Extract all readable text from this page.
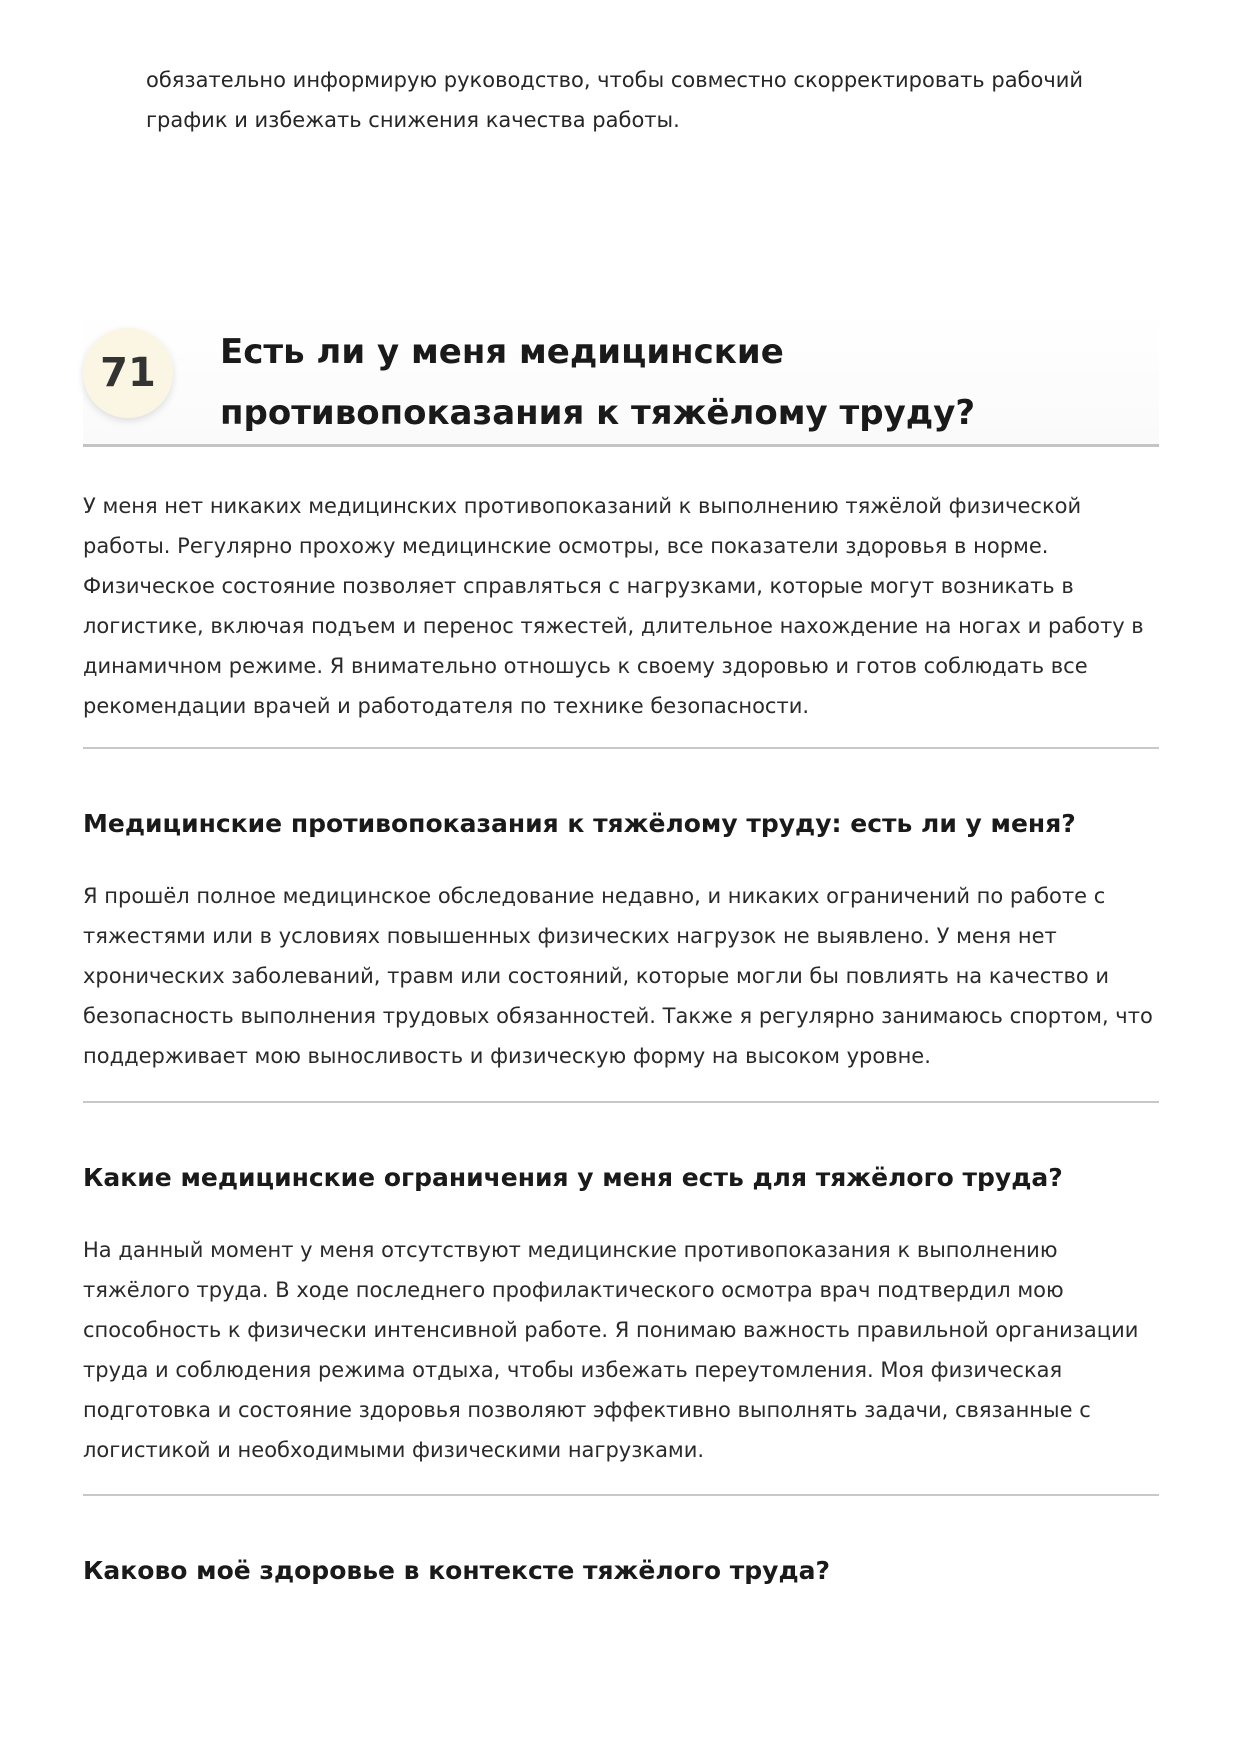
обязательно информирую руководство, чтобы совместно скорректировать рабочий график и избежать снижения качества работы.

71	Есть ли у меня медицинские противопоказания к тяжёлому труду?

У меня нет никаких медицинских противопоказаний к выполнению тяжёлой физической работы. Регулярно прохожу медицинские осмотры, все показатели здоровья в норме. Физическое состояние позволяет справляться с нагрузками, которые могут возникать в логистике, включая подъем и перенос тяжестей, длительное нахождение на ногах и работу в динамичном режиме. Я внимательно отношусь к своему здоровью и готов соблюдать все рекомендации врачей и работодателя по технике безопасности.

Медицинские противопоказания к тяжёлому труду: есть ли у меня?

Я прошёл полное медицинское обследование недавно, и никаких ограничений по работе с тяжестями или в условиях повышенных физических нагрузок не выявлено. У меня нет хронических заболеваний, травм или состояний, которые могли бы повлиять на качество и безопасность выполнения трудовых обязанностей. Также я регулярно занимаюсь спортом, что поддерживает мою выносливость и физическую форму на высоком уровне.

Какие медицинские ограничения у меня есть для тяжёлого труда?

На данный момент у меня отсутствуют медицинские противопоказания к выполнению тяжёлого труда. В ходе последнего профилактического осмотра врач подтвердил мою способность к физически интенсивной работе. Я понимаю важность правильной организации труда и соблюдения режима отдыха, чтобы избежать переутомления. Моя физическая подготовка и состояние здоровья позволяют эффективно выполнять задачи, связанные с логистикой и необходимыми физическими нагрузками.

Каково моё здоровье в контексте тяжёлого труда?
